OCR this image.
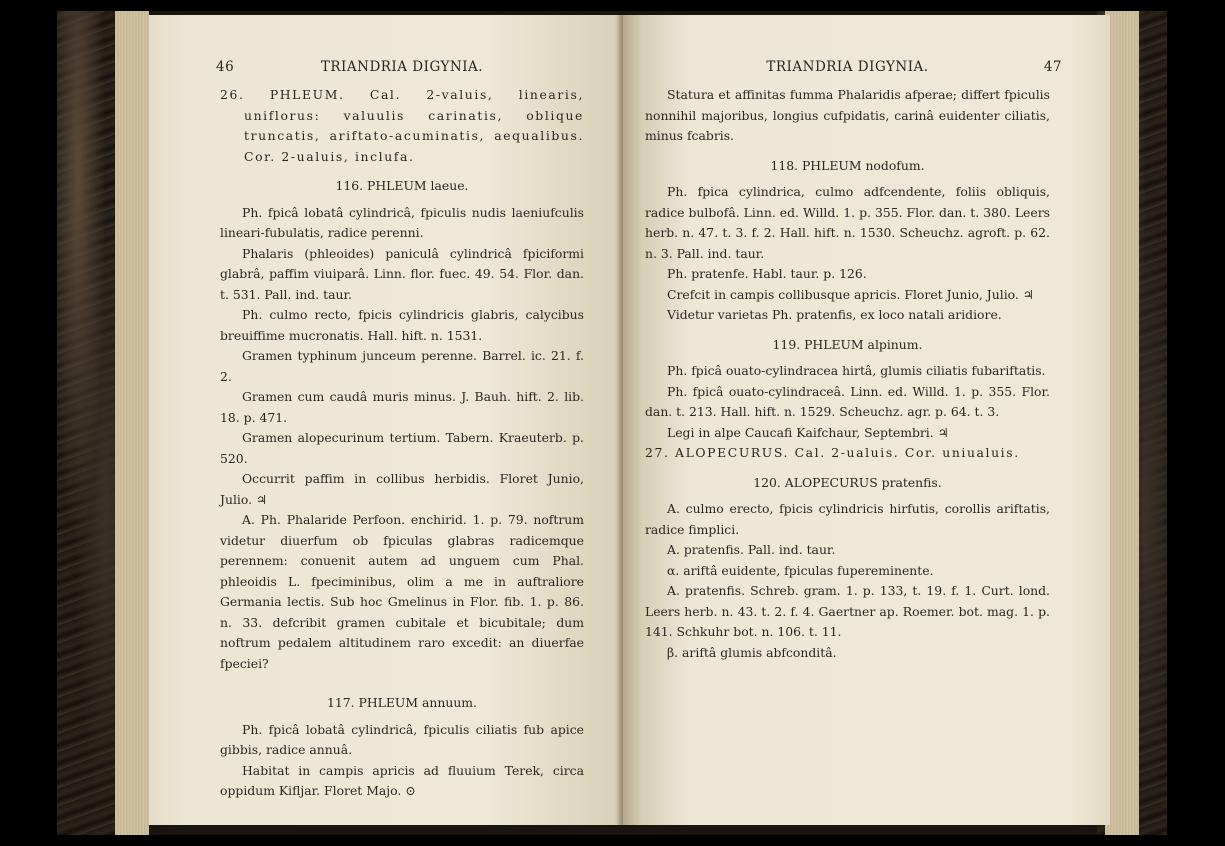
46	TRIANDRIA DIGYNIA.

26. PHLEUM. Cal. 2-valuis, linearis, uniflorus: valuulis carinatis, oblique truncatis, ariftato-acuminatis, aequalibus. Cor. 2-ualuis, inclufa.

116. PHLEUM laeue.

Ph. fpicâ lobatâ cylindricâ, fpiculis nudis laeniufculis lineari-fubulatis, radice perenni.

Phalaris (phleoides) paniculâ cylindricâ fpiciformi glabrâ, paffim viuiparâ. Linn. flor. fuec. 49. 54. Flor. dan. t. 531. Pall. ind. taur.

Ph. culmo recto, fpicis cylindricis glabris, calycibus breuiffime mucronatis. Hall. hift. n. 1531.

Gramen typhinum junceum perenne. Barrel. ic. 21. f. 2.

Gramen cum caudâ muris minus. J. Bauh. hift. 2. lib. 18. p. 471.

Gramen alopecurinum tertium. Tabern. Kraeuterb. p. 520.

Occurrit paffim in collibus herbidis. Floret Junio, Julio. ♃

A. Ph. Phalaride Perfoon. enchirid. 1. p. 79. noftrum videtur diuerfum ob fpiculas glabras radicemque perennem: conuenit autem ad unguem cum Phal. phleoidis L. fpeciminibus, olim a me in auftraliore Germania lectis. Sub hoc Gmelinus in Flor. fib. 1. p. 86. n. 33. defcribit gramen cubitale et bicubitale; dum noftrum pedalem altitudinem raro excedit: an diuerfae fpeciei?

117. PHLEUM annuum.

Ph. fpicâ lobatâ cylindricâ, fpiculis ciliatis fub apice gibbis, radice annuâ.

Habitat in campis apricis ad fluuium Terek, circa oppidum Kifljar. Floret Majo. ⊙

TRIANDRIA DIGYNIA.	47

Statura et affinitas fumma Phalaridis afperae; differt fpiculis nonnihil majoribus, longius cufpidatis, carinâ euidenter ciliatis, minus fcabris.

118. PHLEUM nodofum.

Ph. fpica cylindrica, culmo adfcendente, foliis obliquis, radice bulbofâ. Linn. ed. Willd. 1. p. 355. Flor. dan. t. 380. Leers herb. n. 47. t. 3. f. 2. Hall. hift. n. 1530. Scheuchz. agroft. p. 62. n. 3. Pall. ind. taur.

Ph. pratenfe. Habl. taur. p. 126.

Crefcit in campis collibusque apricis. Floret Junio, Julio. ♃

Videtur varietas Ph. pratenfis, ex loco natali aridiore.

119. PHLEUM alpinum.

Ph. fpicâ ouato-cylindracea hirtâ, glumis ciliatis fubariftatis.

Ph. fpicâ ouato-cylindraceâ. Linn. ed. Willd. 1. p. 355. Flor. dan. t. 213. Hall. hift. n. 1529. Scheuchz. agr. p. 64. t. 3.

Legi in alpe Caucafi Kaifchaur, Septembri. ♃

27. ALOPECURUS. Cal. 2-ualuis. Cor. uniualuis.

120. ALOPECURUS pratenfis.

A. culmo erecto, fpicis cylindricis hirfutis, corollis ariftatis, radice fimplici.

A. pratenfis. Pall. ind. taur.

α. ariftâ euidente, fpiculas fupereminente.

A. pratenfis. Schreb. gram. 1. p. 133, t. 19. f. 1. Curt. lond. Leers herb. n. 43. t. 2. f. 4. Gaertner ap. Roemer. bot. mag. 1. p. 141. Schkuhr bot. n. 106. t. 11.

β. ariftâ glumis abfconditâ.
